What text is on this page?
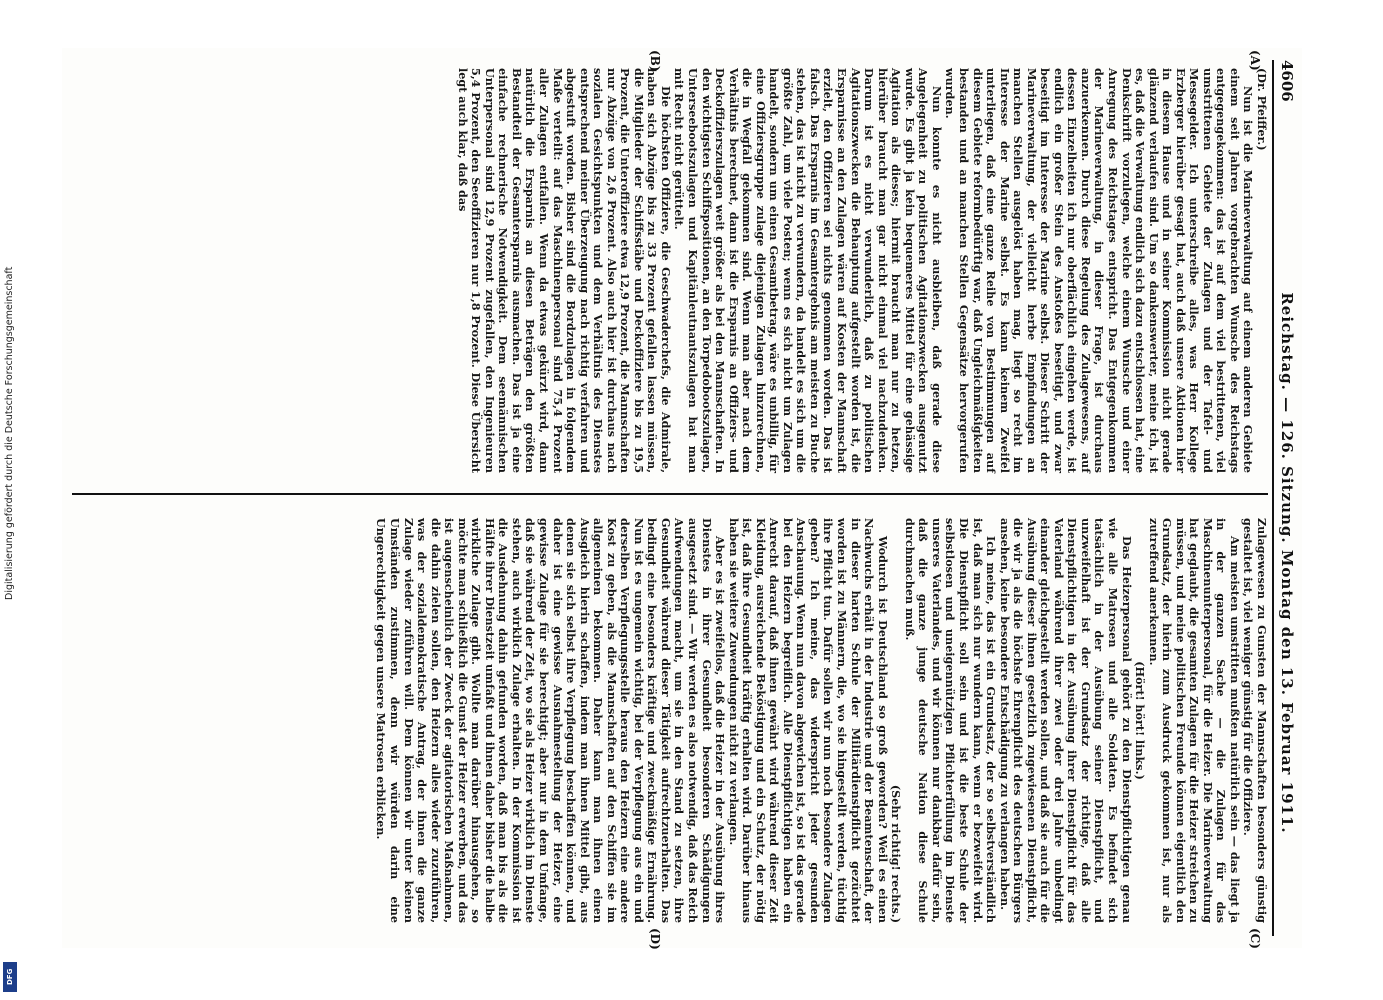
4606
Reichstag. — 126. Sitzung. Montag den 13. Februar 1911.
(A)
(B)
(C)
(D)

(Dr. Pfeiffer.)

Nun ist die Marineverwaltung auf einem anderen Gebiete einem seit Jahren vorgebrachten Wunsche des Reichstags entgegengekommen: das ist auf dem viel bestrittenen, viel umstrittenen Gebiete der Zulagen und der Tafel- und Messegelder. Ich unterschreibe alles, was Herr Kollege Erzberger hierüber gesagt hat, auch daß unsere Aktionen hier in diesem Hause und in seiner Kommission nicht gerade glänzend verlaufen sind. Um so dankenswerter, meine ich, ist es, daß die Verwaltung endlich sich dazu entschlossen hat, eine Denkschrift vorzulegen, welche einem Wunsche und einer Anregung des Reichstages entspricht. Das Entgegenkommen der Marineverwaltung, in dieser Frage, ist durchaus anzuerkennen. Durch diese Regelung des Zulagewesens, auf dessen Einzelheiten ich nur oberflächlich eingehen werde, ist endlich ein großer Stein des Anstoßes beseitigt, und zwar beseitigt im Interesse der Marine selbst. Dieser Schritt der Marineverwaltung, der vielleicht herbe Empfindungen an manchen Stellen ausgelöst haben mag, liegt so recht im Interesse der Marine selbst. Es kann keinem Zweifel unterliegen, daß eine ganze Reihe von Bestimmungen auf diesem Gebiete reformbedürftig war, daß Ungleichmäßigkeiten bestanden und an manchen Stellen Gegensätze hervorgerufen wurden.

Nun konnte es nicht ausbleiben, daß gerade diese Angelegenheit zu politischen Agitationszwecken ausgenutzt wurde. Es gibt ja kein bequemeres Mittel für eine gehässige Agitation als dieses; hiermit braucht man nur zu hetzen, hierüber braucht man gar nicht einmal viel nachzudenken. Darum ist es nicht verwunderlich, daß zu politischen Agitationszwecken die Behauptung aufgestellt worden ist, die Ersparnisse an den Zulagen wären auf Kosten der Mannschaft erzielt, den Offizieren sei nichts genommen worden. Das ist falsch. Das Ersparnis im Gesamtergebnis am meisten zu Buche stehen, das ist nicht zu verwundern, da handelt es sich um die größte Zahl, um viele Posten; wenn es sich nicht um Zulagen handelt, sondern um einen Gesamtbetrag, wäre es unbillig, für eine Offiziersgruppe zulage diejenigen Zulagen hinzurechnen, die in Wegfall gekommen sind. Wenn man aber nach dem Verhältnis berechnet, dann ist die Ersparnis an Offiziers- und Deckoffizierszulagen weit größer als bei den Mannschaften. In den wichtigsten Schiffspositionen, an den Torpedobootszulagen, Unterseebootszulagen und Kapitänleutnantszulagen hat man mit Recht nicht gerüttelt.

Die höchsten Offiziere, die Geschwaderchefs, die Admirale, haben sich Abzüge bis zu 33 Prozent gefallen lassen müssen, die Mitglieder der Schiffsstäbe und Deckoffiziere bis zu 19,5 Prozent, die Unteroffiziere etwa 12,9 Prozent, die Mannschaften nur Abzüge von 2,6 Prozent. Also auch hier ist durchaus nach sozialen Gesichtspunkten und dem Verhältnis des Dienstes entsprechend meiner Überzeugung nach richtig verfahren und abgestuft worden. Bisher sind die Bordzulagen in folgendem Maße verteilt: auf das Maschinenpersonal sind 75,4 Prozent aller Zulagen entfallen. Wenn da etwas gekürzt wird, dann natürlich die Ersparnis an diesen Beträgen den größten Bestandteil der Gesamtersparnis ausmachen. Das ist ja eine einfache rechnerische Notwendigkeit. Dem seemännischen Unterpersonal sind 12,9 Prozent zugefallen, den Ingenieuren 5,4 Prozent, den Seeoffizieren nur 1,8 Prozent. Diese Übersicht legt auch klar, daß das

Zulagewesen zu Gunsten der Mannschaften besonders günstig gestaltet ist, viel weniger günstig für die Offiziere.

Am meisten umstritten mußten natürlich sein — das liegt ja in der ganzen Sache — die Zulagen für das Maschinenunterpersonal, für die Heizer. Die Marineverwaltung hat geglaubt, die gesamten Zulagen für die Heizer streichen zu müssen, und meine politischen Freunde können eigentlich den Grundsatz, der hierin zum Ausdruck gekommen ist, nur als zutreffend anerkennen.

(Hört! hört! links.)

Das Heizerpersonal gehört zu den Dienstpflichtigen genau wie alle Matrosen und alle Soldaten. Es befindet sich tatsächlich in der Ausübung seiner Dienstpflicht, und unzweifelhaft ist der Grundsatz der richtige, daß alle Dienstpflichtigen in der Ausübung ihrer Dienstpflicht für das Vaterland während ihrer zwei oder drei Jahre unbedingt einander gleichgestellt werden sollen, und daß sie auch für die Ausübung dieser ihnen gesetzlich zugewiesenen Dienstpflicht, die wir ja als die höchste Ehrenpflicht des deutschen Bürgers ansehen, keine besondere Entschädigung zu verlangen haben.

Ich meine, das ist ein Grundsatz, der so selbstverständlich ist, daß man sich nur wundern kann, wenn er bezweifelt wird. Die Dienstpflicht soll sein und ist die beste Schule der selbstlosen und uneigennützigen Pflichterfüllung im Dienste unseres Vaterlandes, und wir können nur dankbar dafür sein, daß die ganze junge deutsche Nation diese Schule durchmachen muß.

(Sehr richtig! rechts.)

Wodurch ist Deutschland so groß geworden? Weil es einen Nachwuchs erhält in der Industrie und der Beamtenschaft, der in dieser harten Schule der Militärdienstpflicht gezüchtet worden ist zu Männern, die, wo sie hingestellt werden, tüchtig ihre Pflicht tun. Dafür sollen wir nun noch besondere Zulagen geben? Ich meine, das widerspricht jeder gesunden Anschauung. Wenn nun davon abgewichen ist, so ist das gerade bei den Heizern begreiflich. Alle Dienstpflichtigen haben ein Anrecht darauf, daß ihnen gewährt wird während dieser Zeit Kleidung, ausreichende Beköstigung und ein Schutz, der nötig ist, daß ihre Gesundheit kräftig erhalten wird. Darüber hinaus haben sie weitere Zuwendungen nicht zu verlangen.

Aber es ist zweifellos, daß die Heizer in der Ausübung ihres Dienstes in ihrer Gesundheit besonderen Schädigungen ausgesetzt sind. — Wir werden es also notwendig, daß das Reich Aufwendungen macht, um sie in den Stand zu setzen, ihre Gesundheit während dieser Tätigkeit aufrechtzuerhalten. Das bedingt eine besonders kräftige und zweckmäßige Ernährung. Nun ist es ungemein wichtig, bei der Verpflegung aus ein und derselben Verpflegungsstelle heraus den Heizern eine andere Kost zu geben, als die Mannschaften auf den Schiffen sie im allgemeinen bekommen. Daher kann man ihnen einen Ausgleich hierin schaffen, indem man ihnen Mittel gibt, aus denen sie sich selbst ihre Verpflegung beschaffen können, und daher ist eine gewisse Ausnahmestellung der Heizer, eine gewisse Zulage für sie berechtigt; aber nur in dem Umfange, daß sie während der Zeit, wo sie als Heizer wirklich im Dienste stehen, auch wirklich Zulage erhalten. In der Kommission ist die Ausdehnung dahin gefunden worden, daß man bis als die Hälfte ihrer Dienstzeit umfaßt und ihnen daher bisher die halbe wirkliche Zulage gibt. Wollte man darüber hinausgehen, so möchte man schließlich die Gunst der Heizer erwerben, und das ist augenscheinlich der Zweck der agitatorischen Maßnahmen, die dahin zielen sollen, den Heizern alles wieder zuzuführen, was der sozialdemokratische Antrag, der ihnen die ganze Zulage wieder zuführen will. Dem können wir unter keinen Umständen zustimmen, denn wir würden darin eine Ungerechtigkeit gegen unsere Matrosen erblicken.

Digitalisierung gefördert durch die Deutsche Forschungsgemeinschaft
DFG
